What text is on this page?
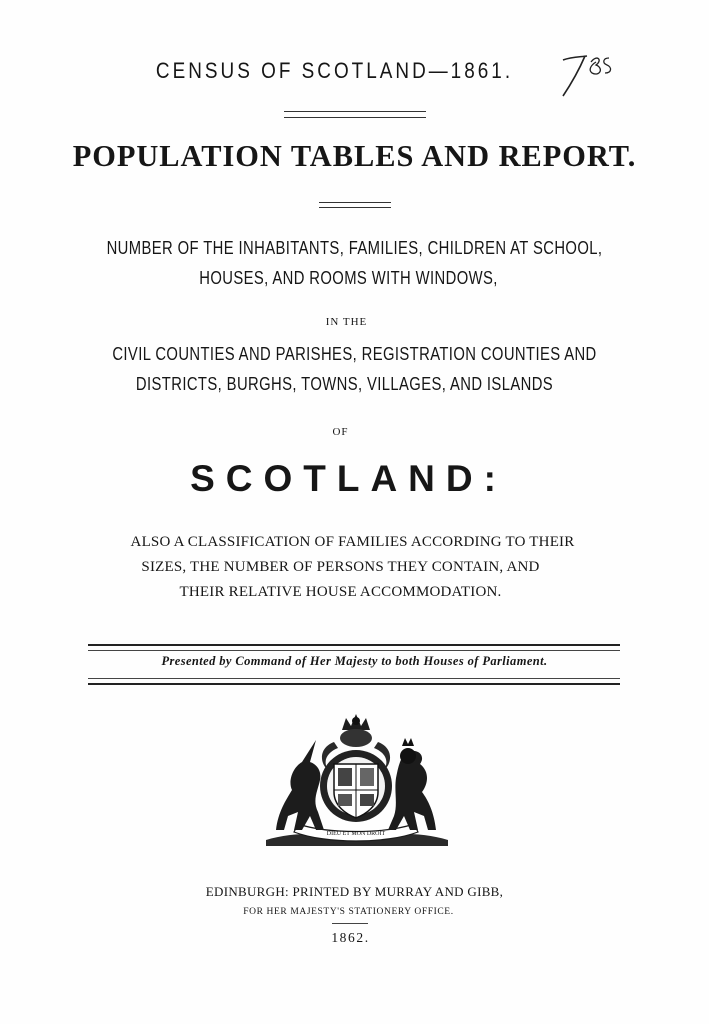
CENSUS OF SCOTLAND—1861.
POPULATION TABLES AND REPORT.
NUMBER OF THE INHABITANTS, FAMILIES, CHILDREN AT SCHOOL,
HOUSES, AND ROOMS WITH WINDOWS,
IN THE
CIVIL COUNTIES AND PARISHES, REGISTRATION COUNTIES AND
DISTRICTS, BURGHS, TOWNS, VILLAGES, AND ISLANDS
OF
SCOTLAND:
ALSO A CLASSIFICATION OF FAMILIES ACCORDING TO THEIR
SIZES, THE NUMBER OF PERSONS THEY CONTAIN, AND
THEIR RELATIVE HOUSE ACCOMMODATION.
Presented by Command of Her Majesty to both Houses of Parliament.
DIEU ET MON DROIT
EDINBURGH: PRINTED BY MURRAY AND GIBB,
FOR HER MAJESTY'S STATIONERY OFFICE.
1862.
